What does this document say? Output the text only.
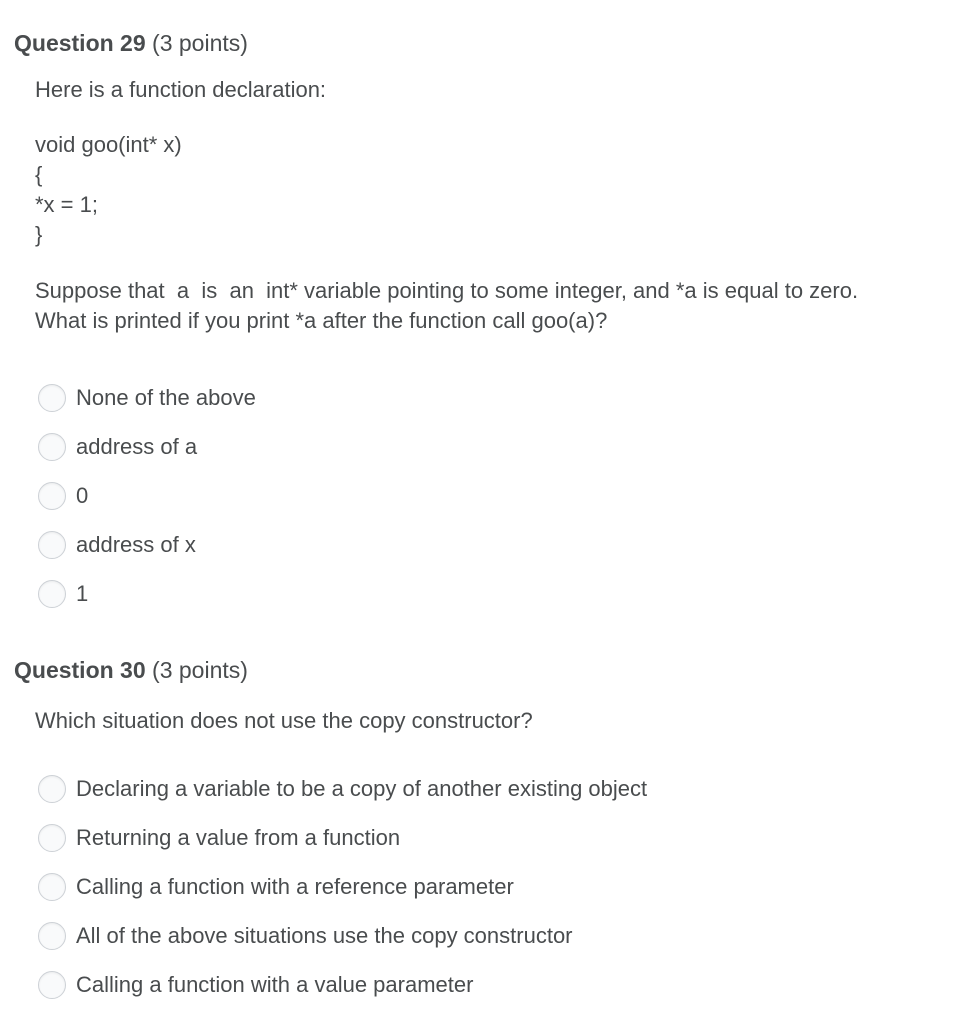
Question 29 (3 points)
Here is a function declaration:
void goo(int* x)
{
*x = 1;
}
Suppose that  a  is  an  int* variable pointing to some integer, and *a is equal to zero.
What is printed if you print *a after the function call goo(a)?
None of the above
address of a
0
address of x
1
Question 30 (3 points)
Which situation does not use the copy constructor?
Declaring a variable to be a copy of another existing object
Returning a value from a function
Calling a function with a reference parameter
All of the above situations use the copy constructor
Calling a function with a value parameter
